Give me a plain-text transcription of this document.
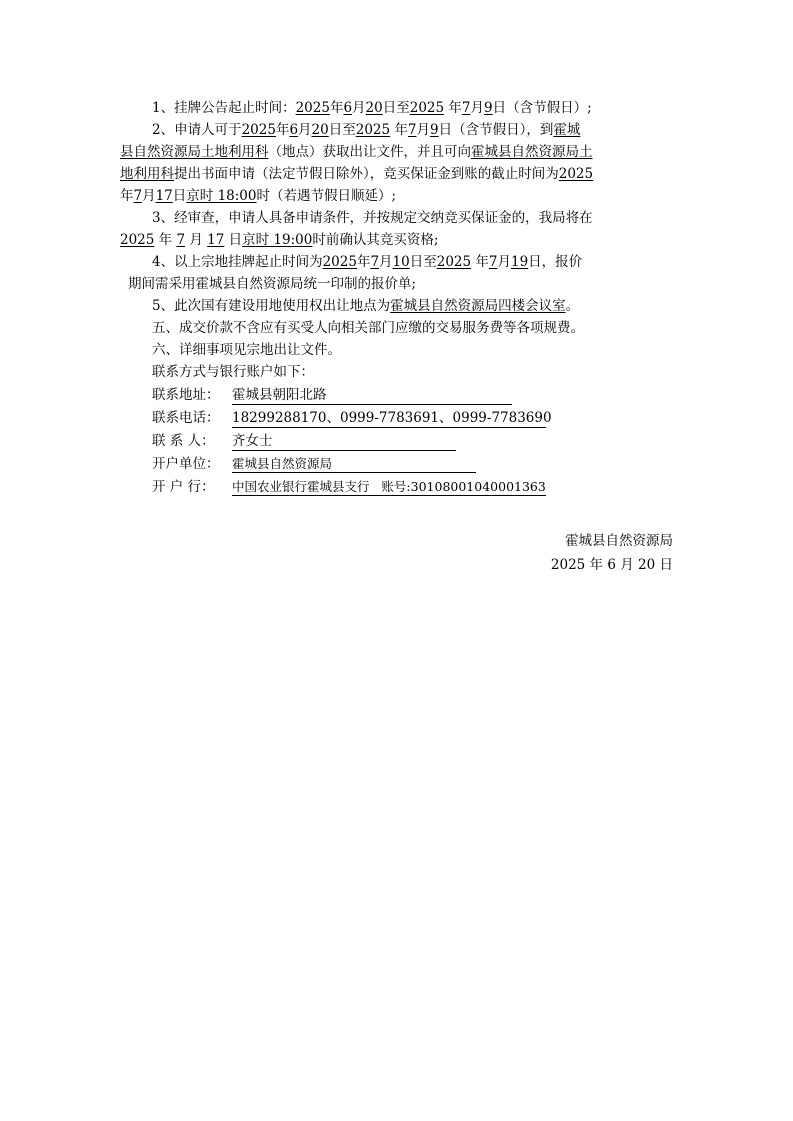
1、挂牌公告起止时间：2025年6月20日至2025 年7月9日（含节假日）;
2、申请人可于2025年6月20日至2025 年7月9日（含节假日），到霍城
县自然资源局土地利用科（地点）获取出让文件，并且可向霍城县自然资源局土
地利用科提出书面申请（法定节假日除外），竞买保证金到账的截止时间为2025
年7月17日京时 18:00时（若遇节假日顺延）;
3、经审查，申请人具备申请条件，并按规定交纳竞买保证金的，我局将在
2025 年 7 月 17 日京时 19:00时前确认其竞买资格;
4、以上宗地挂牌起止时间为2025年7月10日至2025 年7月19日，报价
期间需采用霍城县自然资源局统一印制的报价单;
5、此次国有建设用地使用权出让地点为霍城县自然资源局四楼会议室。
五、成交价款不含应有买受人向相关部门应缴的交易服务费等各项规费。
六、详细事项见宗地出让文件。
联系方式与银行账户如下：
联系地址： 霍城县朝阳北路
联系电话： 18299288170、0999-7783691、0999-7783690
联 系 人： 齐女士
开户单位： 霍城县自然资源局
开 户 行： 中国农业银行霍城县支行   账号:30108001040001363
霍城县自然资源局
2025 年 6 月 20 日
